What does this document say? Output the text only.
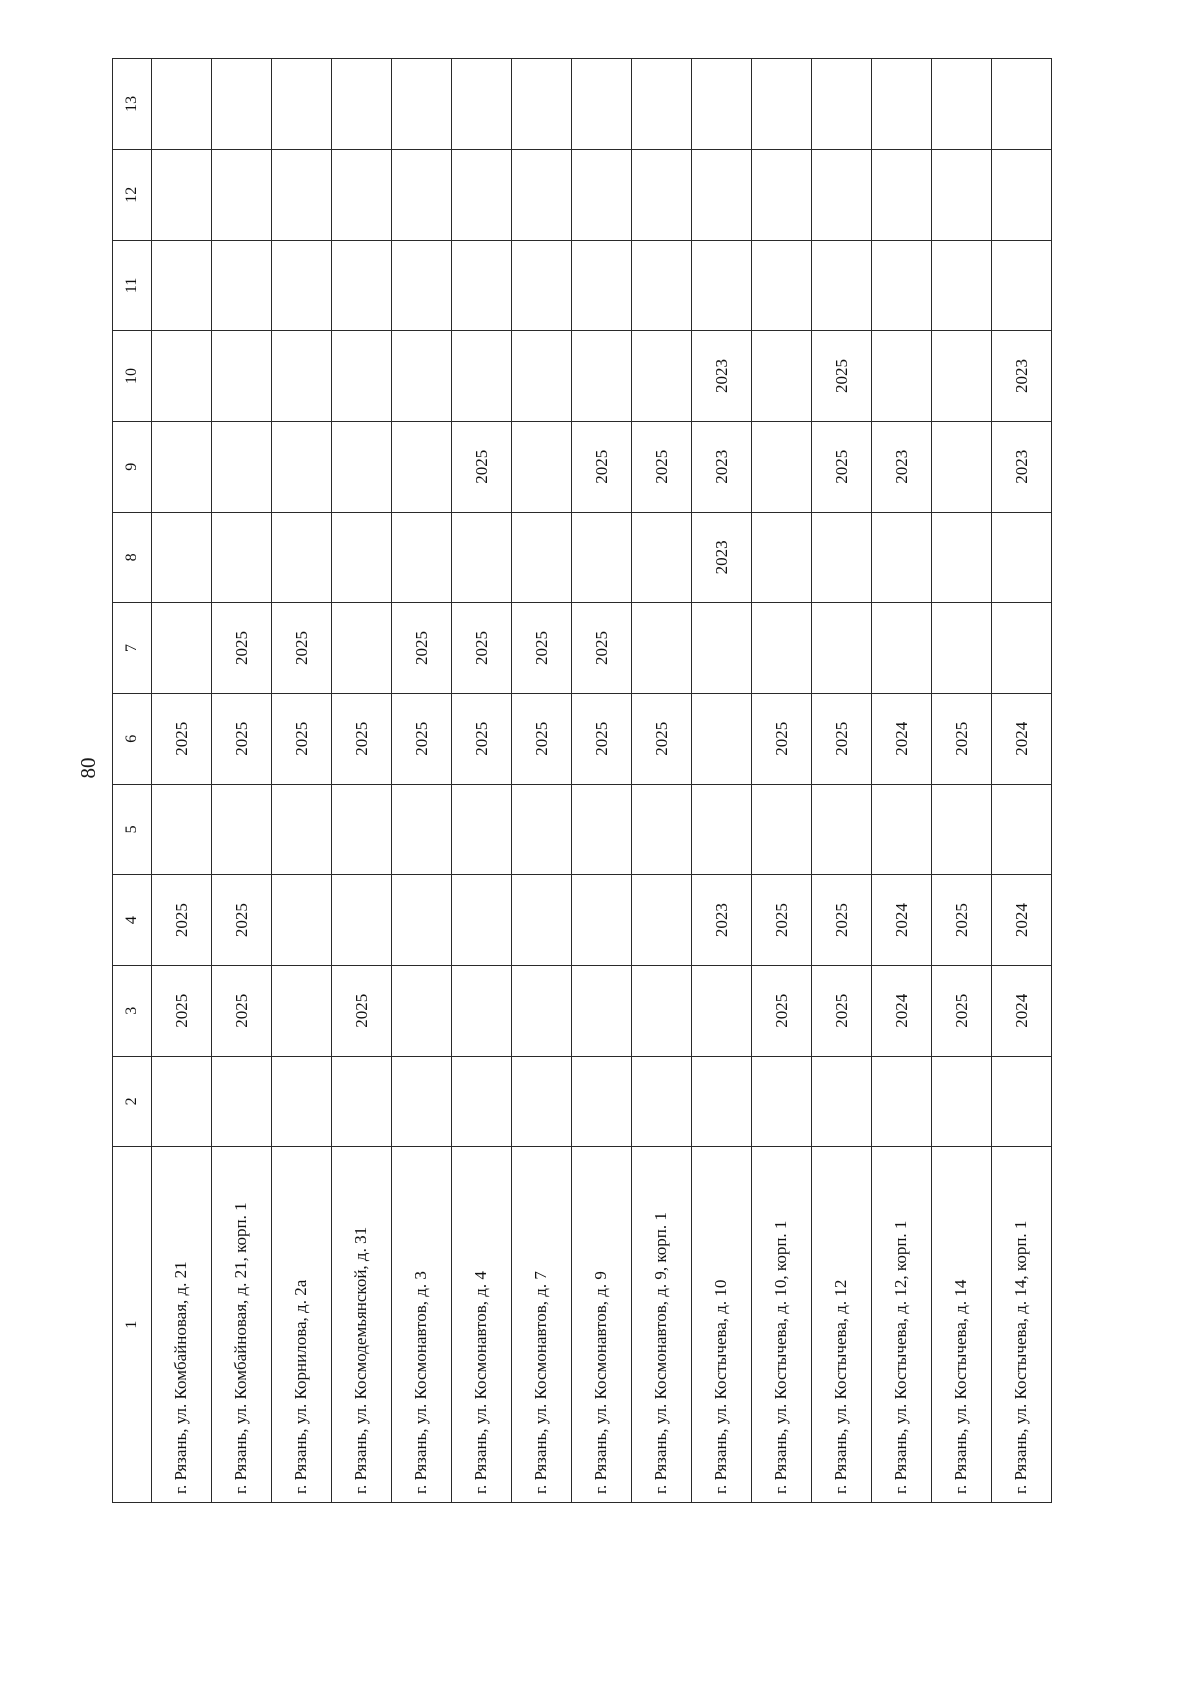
80
1	2	3	4	5	6	7	8	9	10	11	12	13
г. Рязань, ул. Комбайновая, д. 21		2025	2025		2025							
г. Рязань, ул. Комбайновая, д. 21, корп. 1		2025	2025		2025	2025						
г. Рязань, ул. Корнилова, д. 2а					2025	2025						
г. Рязань, ул. Космодемьянской, д. 31		2025			2025							
г. Рязань, ул. Космонавтов, д. 3					2025	2025						
г. Рязань, ул. Космонавтов, д. 4					2025	2025		2025				
г. Рязань, ул. Космонавтов, д. 7					2025	2025						
г. Рязань, ул. Космонавтов, д. 9					2025	2025		2025				
г. Рязань, ул. Космонавтов, д. 9, корп. 1					2025			2025				
г. Рязань, ул. Костычева, д. 10			2023				2023	2023	2023			
г. Рязань, ул. Костычева, д. 10, корп. 1		2025	2025		2025							
г. Рязань, ул. Костычева, д. 12		2025	2025		2025			2025	2025			
г. Рязань, ул. Костычева, д. 12, корп. 1		2024	2024		2024			2023				
г. Рязань, ул. Костычева, д. 14		2025	2025		2025							
г. Рязань, ул. Костычева, д. 14, корп. 1		2024	2024		2024			2023	2023			
